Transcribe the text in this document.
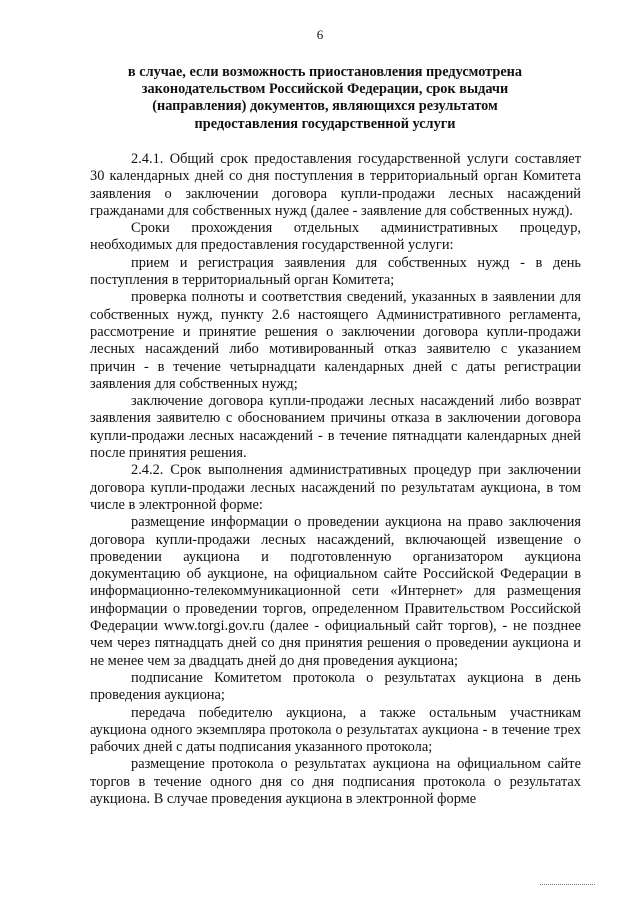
6
в случае, если возможность приостановления предусмотрена
законодательством Российской Федерации, срок выдачи
(направления) документов, являющихся результатом
предоставления государственной услуги

2.4.1. Общий срок предоставления государственной услуги составляет 30 календарных дней со дня поступления в территориальный орган Комитета заявления о заключении договора купли-продажи лесных насаждений гражданами для собственных нужд (далее - заявление для собственных нужд).

Сроки прохождения отдельных административных процедур, необходимых для предоставления государственной услуги:

прием и регистрация заявления для собственных нужд - в день поступления в территориальный орган Комитета;

проверка полноты и соответствия сведений, указанных в заявлении для собственных нужд, пункту 2.6 настоящего Административного регламента, рассмотрение и принятие решения о заключении договора купли-продажи лесных насаждений либо мотивированный отказ заявителю с указанием причин - в течение четырнадцати календарных дней с даты регистрации заявления для собственных нужд;

заключение договора купли-продажи лесных насаждений либо возврат заявления заявителю с обоснованием причины отказа в заключении договора купли-продажи лесных насаждений - в течение пятнадцати календарных дней после принятия решения.

2.4.2. Срок выполнения административных процедур при заключении договора купли-продажи лесных насаждений по результатам аукциона, в том числе в электронной форме:

размещение информации о проведении аукциона на право заключения договора купли-продажи лесных насаждений, включающей извещение о проведении аукциона и подготовленную организатором аукциона документацию об аукционе, на официальном сайте Российской Федерации в информационно-телекоммуникационной сети «Интернет» для размещения информации о проведении торгов, определенном Правительством Российской Федерации www.torgi.gov.ru (далее - официальный сайт торгов), - не позднее чем через пятнадцать дней со дня принятия решения о проведении аукциона и не менее чем за двадцать дней до дня проведения аукциона;

подписание Комитетом протокола о результатах аукциона в день проведения аукциона;

передача победителю аукциона, а также остальным участникам аукциона одного экземпляра протокола о результатах аукциона - в течение трех рабочих дней с даты подписания указанного протокола;

размещение протокола о результатах аукциона на официальном сайте торгов в течение одного дня со дня подписания протокола о результатах аукциона. В случае проведения аукциона в электронной форме
